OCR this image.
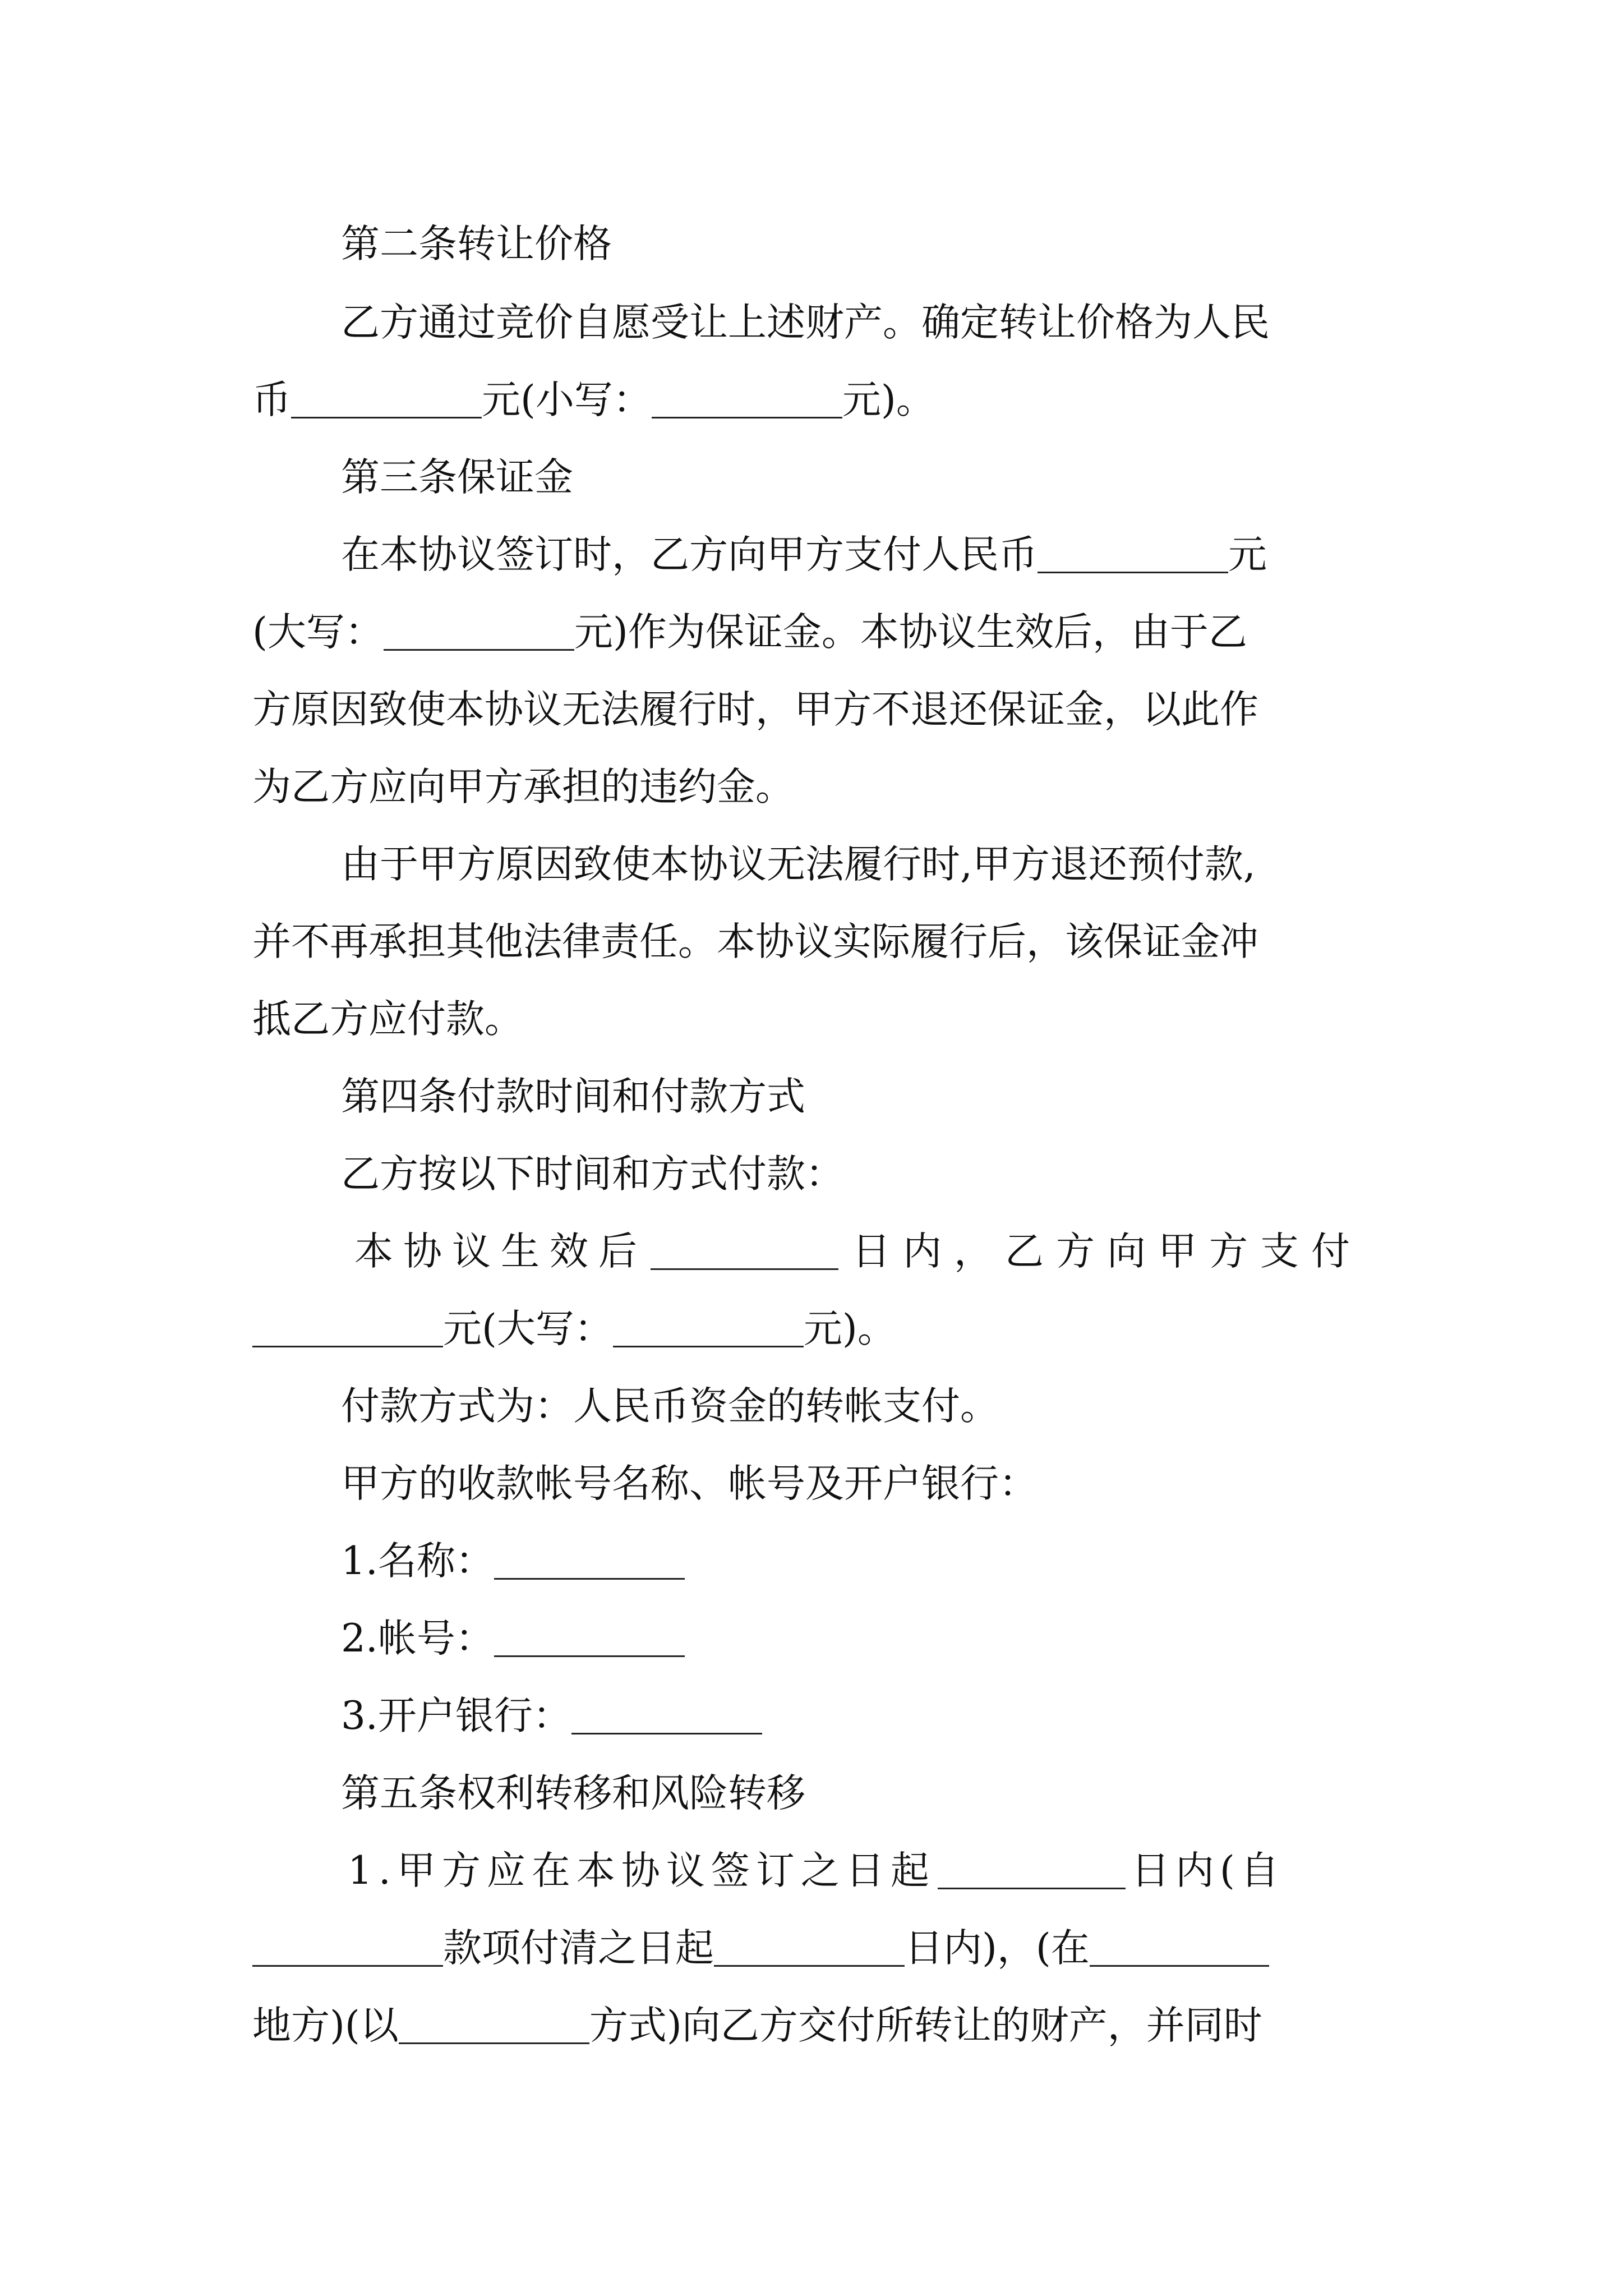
第二条转让价格
乙方通过竞价自愿受让上述财产。确定转让价格为人民
币	元(小写：	元)。
第三条保证金
在本协议签订时，乙方向甲方支付人民币	元
(大写：	元)作为保证金。本协议生效后，由于乙
方原因致使本协议无法履行时，甲方不退还保证金，以此作
为乙方应向甲方承担的违约金。
由于甲方原因致使本协议无法履行时,甲方退还预付款,
并不再承担其他法律责任。本协议实际履行后，该保证金冲
抵乙方应付款。
第四条付款时间和付款方式
乙方按以下时间和方式付款：
本协议生效后	日内，乙方向甲方支付
元(大写：	元)。
付款方式为：人民币资金的转帐支付。
甲方的收款帐号名称、帐号及开户银行：
1.名称：
2.帐号：
3.开户银行：
第五条权利转移和风险转移
1.甲方应在本协议签订之日起	日内(自
款项付清之日起	日内)，(在
地方)(以	方式)向乙方交付所转让的财产，并同时
